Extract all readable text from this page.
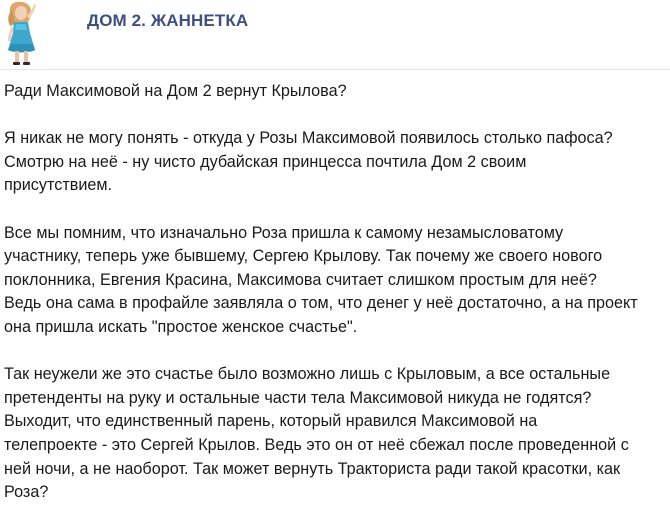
ДОМ 2. ЖАННЕТКА

Ради Максимовой на Дом 2 вернут Крылова?

Я никак не могу понять - откуда у Розы Максимовой появилось столько пафоса?
Смотрю на неё - ну чисто дубайская принцесса почтила Дом 2 своим
присутствием.

Все мы помним, что изначально Роза пришла к самому незамысловатому
участнику, теперь уже бывшему, Сергею Крылову. Так почему же своего нового
поклонника, Евгения Красина, Максимова считает слишком простым для неё?
Ведь она сама в профайле заявляла о том, что денег у неё достаточно, а на проект
она пришла искать "простое женское счастье".

Так неужели же это счастье было возможно лишь с Крыловым, а все остальные
претенденты на руку и остальные части тела Максимовой никуда не годятся?
Выходит, что единственный парень, который нравился Максимовой на
телепроекте - это Сергей Крылов. Ведь это он от неё сбежал после проведенной с
ней ночи, а не наоборот. Так может вернуть Тракториста ради такой красотки, как
Роза?
